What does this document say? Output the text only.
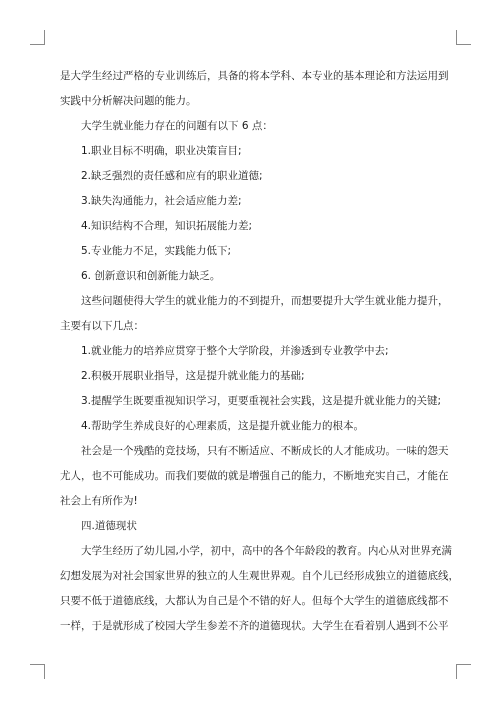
是大学生经过严格的专业训练后，具备的将本学科、本专业的基本理论和方法运用到
实践中分析解决问题的能力。
大学生就业能力存在的问题有以下 6 点：
1.职业目标不明确，职业决策盲目;
2.缺乏强烈的责任感和应有的职业道德;
3.缺失沟通能力，社会适应能力差;
4.知识结构不合理，知识拓展能力差;
5.专业能力不足，实践能力低下;
6. 创新意识和创新能力缺乏。
这些问题使得大学生的就业能力的不到提升，而想要提升大学生就业能力提升，
主要有以下几点：
1.就业能力的培养应贯穿于整个大学阶段，并渗透到专业教学中去;
2.积极开展职业指导，这是提升就业能力的基础;
3.提醒学生既要重视知识学习，更要重视社会实践，这是提升就业能力的关键;
4.帮助学生养成良好的心理素质，这是提升就业能力的根本。
社会是一个残酷的竞技场，只有不断适应、不断成长的人才能成功。一味的怨天
尤人，也不可能成功。而我们要做的就是增强自己的能力，不断地充实自己，才能在
社会上有所作为!
四.道德现状
大学生经历了幼儿园,小学，初中，高中的各个年龄段的教育。内心从对世界充满
幻想发展为对社会国家世界的独立的人生观世界观。自个儿已经形成独立的道德底线，
只要不低于道德底线，大都认为自己是个不错的好人。但每个大学生的道德底线都不
一样，于是就形成了校园大学生参差不齐的道德现状。大学生在看着别人遇到不公平
